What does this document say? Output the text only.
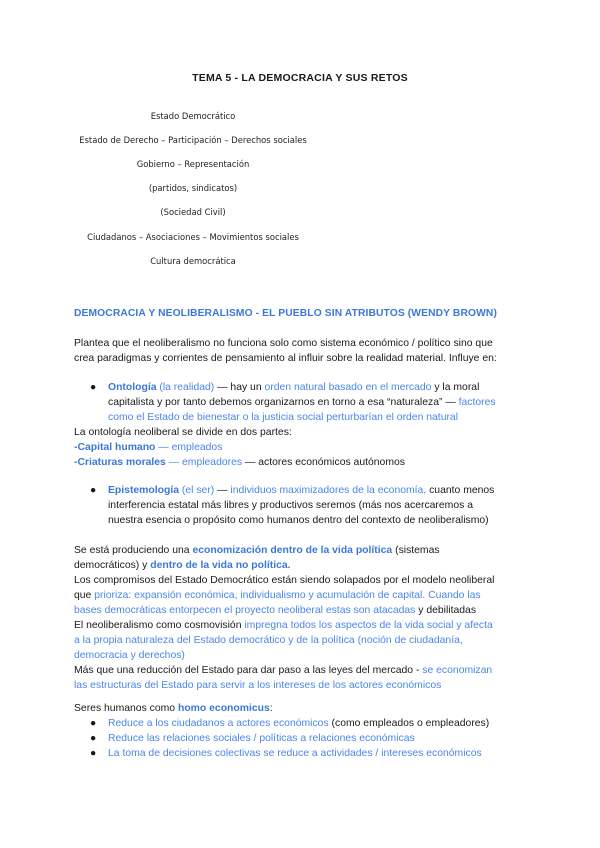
TEMA 5 - LA DEMOCRACIA Y SUS RETOS
Estado Democrático
Estado de Derecho – Participación – Derechos sociales
Gobierno – Representación
(partidos, sindicatos)
(Sociedad Civil)
Ciudadanos – Asociaciones – Movimientos sociales
Cultura democrática
DEMOCRACIA Y NEOLIBERALISMO - EL PUEBLO SIN ATRIBUTOS (WENDY BROWN)
Plantea que el neoliberalismo no funciona solo como sistema económico / político sino que
crea paradigmas y corrientes de pensamiento al influir sobre la realidad material. Influye en:
● Ontología (la realidad) — hay un orden natural basado en el mercado y la moral
capitalista y por tanto debemos organizarnos en torno a esa “naturaleza” — factores
como el Estado de bienestar o la justicia social perturbarían el orden natural
La ontología neoliberal se divide en dos partes:
-Capital humano — empleados
-Criaturas morales — empleadores — actores económicos autónomos
● Epistemología (el ser) — individuos maximizadores de la economía, cuanto menos
interferencia estatal más libres y productivos seremos (más nos acercaremos a
nuestra esencia o propósito como humanos dentro del contexto de neoliberalismo)
Se está produciendo una economización dentro de la vida política (sistemas
democráticos) y dentro de la vida no política.
Los compromisos del Estado Democrático están siendo solapados por el modelo neoliberal
que prioriza: expansión económica, individualismo y acumulación de capital. Cuando las
bases democráticas entorpecen el proyecto neoliberal estas son atacadas y debilitadas
El neoliberalismo como cosmovisión impregna todos los aspectos de la vida social y afecta
a la propia naturaleza del Estado democrático y de la política (noción de ciudadanía,
democracia y derechos)
Más que una reducción del Estado para dar paso a las leyes del mercado - se economizan
las estructuras del Estado para servir a los intereses de los actores económicos
Seres humanos como homo economicus:
● Reduce a los ciudadanos a actores económicos (como empleados o empleadores)
● Reduce las relaciones sociales / políticas a relaciones económicas
● La toma de decisiones colectivas se reduce a actividades / intereses económicos
